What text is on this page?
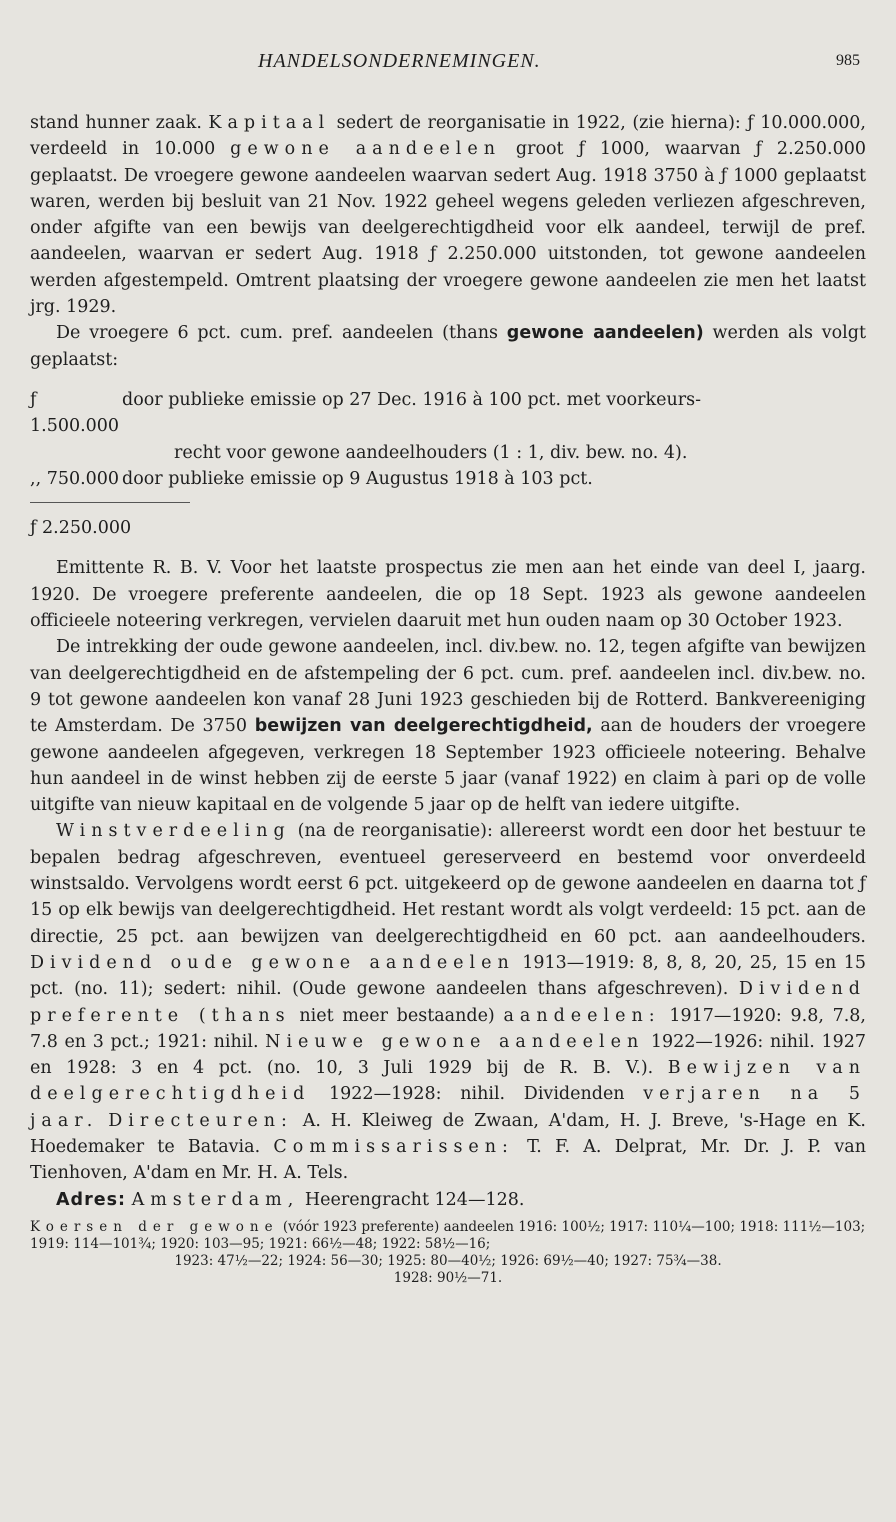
HANDELSONDERNEMINGEN.	985

stand hunner zaak. Kapitaal sedert de reorganisatie in 1922, (zie hierna): ƒ 10.000.000, verdeeld in 10.000 gewone aandeelen groot ƒ 1000, waarvan ƒ 2.250.000 geplaatst. De vroegere gewone aandeelen waarvan sedert Aug. 1918 3750 à ƒ 1000 geplaatst waren, werden bij besluit van 21 Nov. 1922 geheel wegens geleden verliezen afgeschreven, onder afgifte van een bewijs van deelgerechtigdheid voor elk aandeel, terwijl de pref. aandeelen, waarvan er sedert Aug. 1918 ƒ 2.250.000 uitstonden, tot gewone aandeelen werden afgestempeld. Omtrent plaatsing der vroegere gewone aandeelen zie men het laatst jrg. 1929.

De vroegere 6 pct. cum. pref. aandeelen (thans gewone aandeelen) werden als volgt geplaatst:

ƒ 1.500.000
door publieke emissie op 27 Dec. 1916 à 100 pct. met voorkeurs-
recht voor gewone aandeelhouders (1 : 1, div. bew. no. 4).
,, 750.000 door publieke emissie op 9 Augustus 1918 à 103 pct.
ƒ 2.250.000

Emittente R. B. V. Voor het laatste prospectus zie men aan het einde van deel I, jaarg. 1920. De vroegere preferente aandeelen, die op 18 Sept. 1923 als gewone aandeelen officieele noteering verkregen, vervielen daaruit met hun ouden naam op 30 October 1923.

De intrekking der oude gewone aandeelen, incl. div.bew. no. 12, tegen afgifte van bewijzen van deelgerechtigdheid en de afstempeling der 6 pct. cum. pref. aandeelen incl. div.bew. no. 9 tot gewone aandeelen kon vanaf 28 Juni 1923 geschieden bij de Rotterd. Bankvereeniging te Amsterdam. De 3750 bewijzen van deelgerechtigdheid, aan de houders der vroegere gewone aandeelen afgegeven, verkregen 18 September 1923 officieele noteering. Behalve hun aandeel in de winst hebben zij de eerste 5 jaar (vanaf 1922) en claim à pari op de volle uitgifte van nieuw kapitaal en de volgende 5 jaar op de helft van iedere uitgifte.

Winstverdeeling (na de reorganisatie): allereerst wordt een door het bestuur te bepalen bedrag afgeschreven, eventueel gereserveerd en bestemd voor onverdeeld winstsaldo. Vervolgens wordt eerst 6 pct. uitgekeerd op de gewone aandeelen en daarna tot ƒ 15 op elk bewijs van deelgerechtigdheid. Het restant wordt als volgt verdeeld: 15 pct. aan de directie, 25 pct. aan bewijzen van deelgerechtigdheid en 60 pct. aan aandeelhouders. Dividend oude gewone aandeelen 1913—1919: 8, 8, 8, 20, 25, 15 en 15 pct. (no. 11); sedert: nihil. (Oude gewone aandeelen thans afgeschreven). Dividend preferente (thans niet meer bestaande) aandeelen: 1917—1920: 9.8, 7.8, 7.8 en 3 pct.; 1921: nihil. Nieuwe gewone aandeelen 1922—1926: nihil. 1927 en 1928: 3 en 4 pct. (no. 10, 3 Juli 1929 bij de R. B. V.). Bewijzen van deelgerechtigdheid 1922—1928: nihil. Dividenden verjaren na 5 jaar. Directeuren: A. H. Kleiweg de Zwaan, A'dam, H. J. Breve, 's-Hage en K. Hoedemaker te Batavia. Commissarissen: T. F. A. Delprat, Mr. Dr. J. P. van Tienhoven, A'dam en Mr. H. A. Tels.

Adres: Amsterdam, Heerengracht 124—128.

Koersen der gewone (vóór 1923 preferente) aandeelen 1916: 100½; 1917: 110¼—100; 1918: 111½—103; 1919: 114—101¾; 1920: 103—95; 1921: 66½—48; 1922: 58½—16;
1923: 47½—22; 1924: 56—30; 1925: 80—40½; 1926: 69½—40; 1927: 75¾—38.
1928: 90½—71.
